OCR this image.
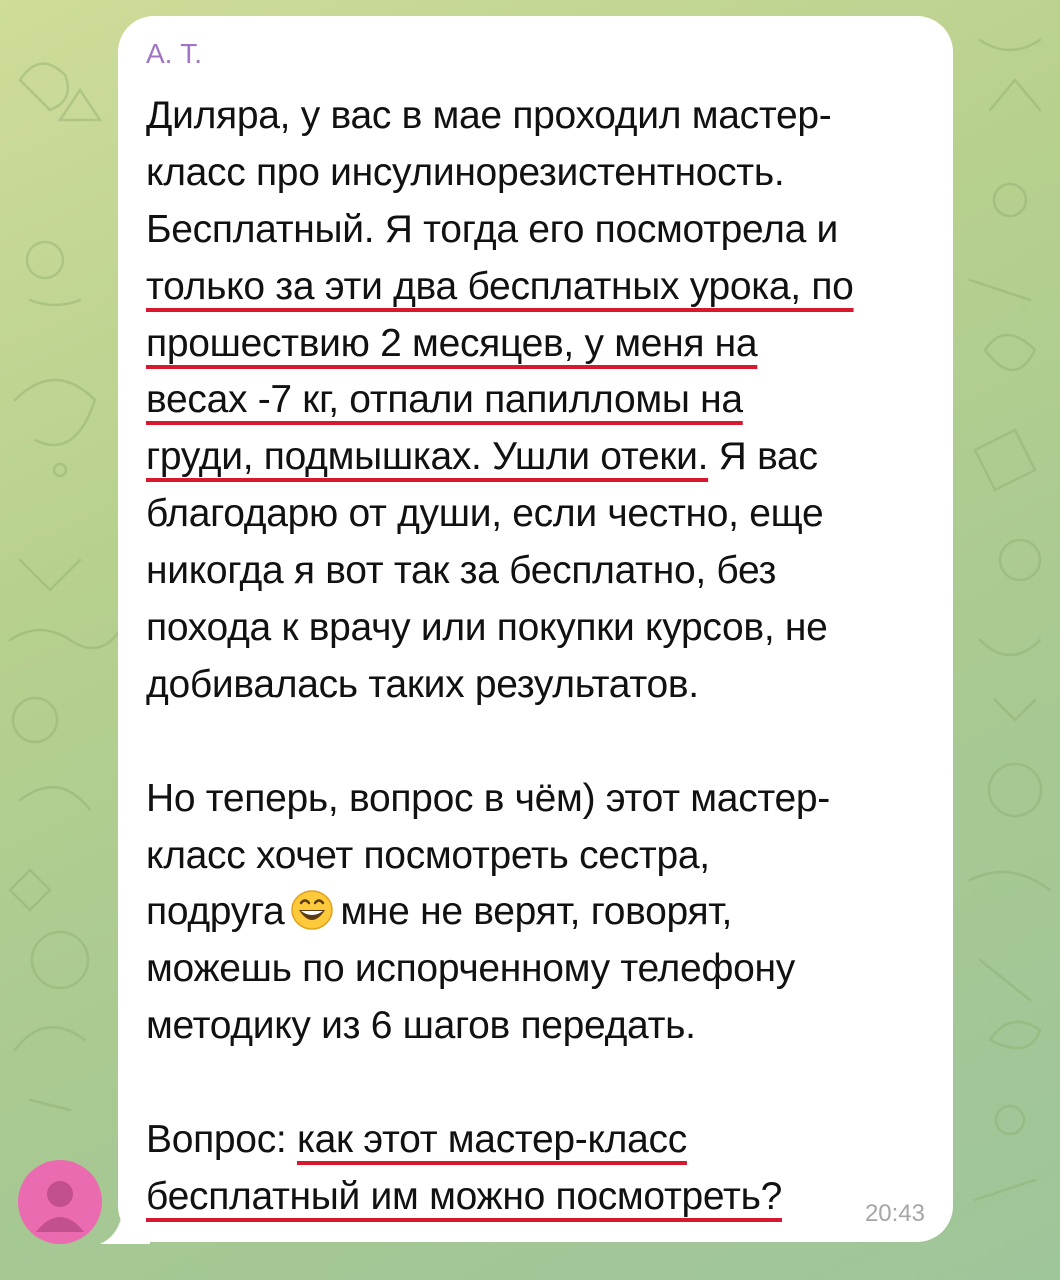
А. Т.
Диляра, у вас в мае проходил мастер-
класс про инсулинорезистентность.
Бесплатный. Я тогда его посмотрела и
только за эти два бесплатных урока, по
прошествию 2 месяцев, у меня на
весах -7 кг, отпали папилломы на
груди, подмышках. Ушли отеки. Я вас
благодарю от души, если честно, еще
никогда я вот так за бесплатно, без
похода к врачу или покупки курсов, не
добивалась таких результатов.
Но теперь, вопрос в чём) этот мастер-
класс хочет посмотреть сестра,
подруга мне не верят, говорят,
можешь по испорченному телефону
методику из 6 шагов передать.
Вопрос: как этот мастер-класс
бесплатный им можно посмотреть?	20:43
